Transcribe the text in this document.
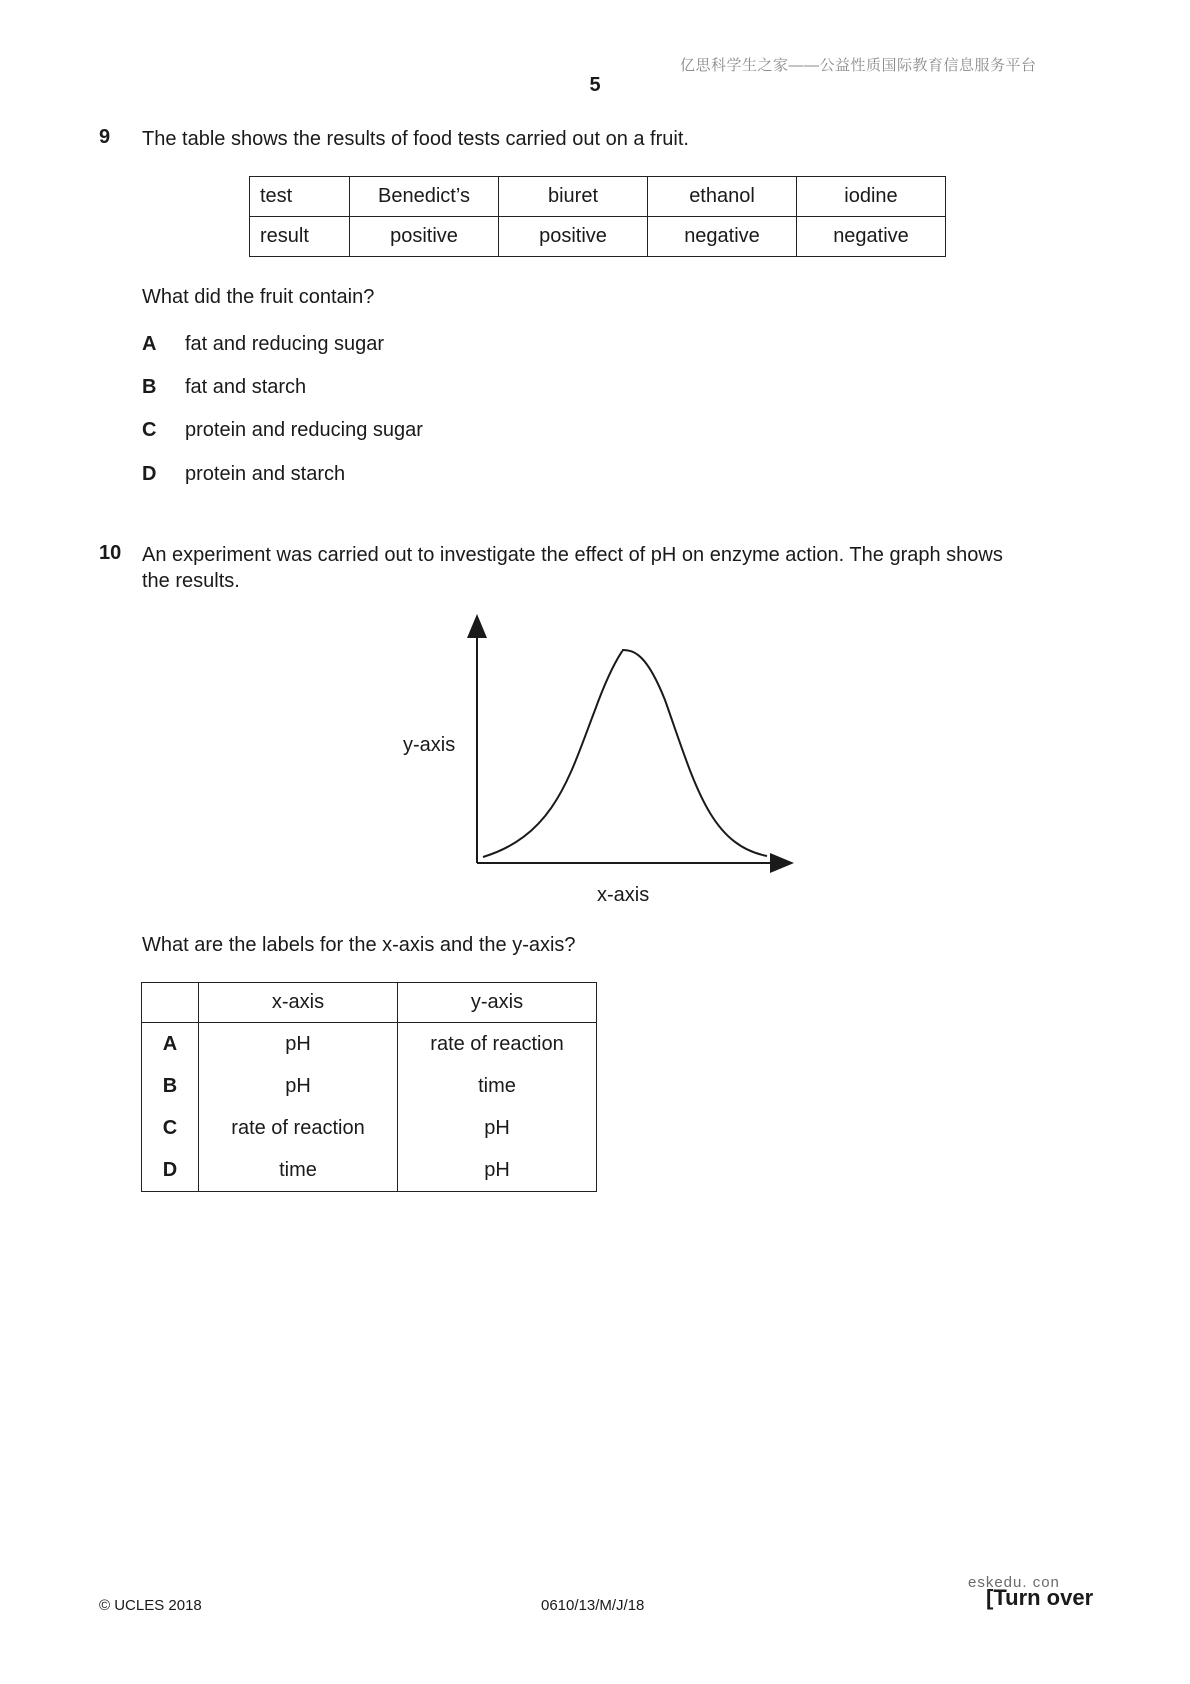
亿思科学生之家——公益性质国际教育信息服务平台
5
9 The table shows the results of food tests carried out on a fruit.
test	Benedict’s	biuret	ethanol	iodine
result	positive	positive	negative	negative
What did the fruit contain?
A fat and reducing sugar
B fat and starch
C protein and reducing sugar
D protein and starch
10 An experiment was carried out to investigate the effect of pH on enzyme action. The graph shows
the results.
y-axis
x-axis
What are the labels for the x-axis and the y-axis?
	x-axis	y-axis
A	pH	rate of reaction
B	pH	time
C	rate of reaction	pH
D	time	pH
© UCLES 2018	0610/13/M/J/18
eskedu. con
[Turn over
